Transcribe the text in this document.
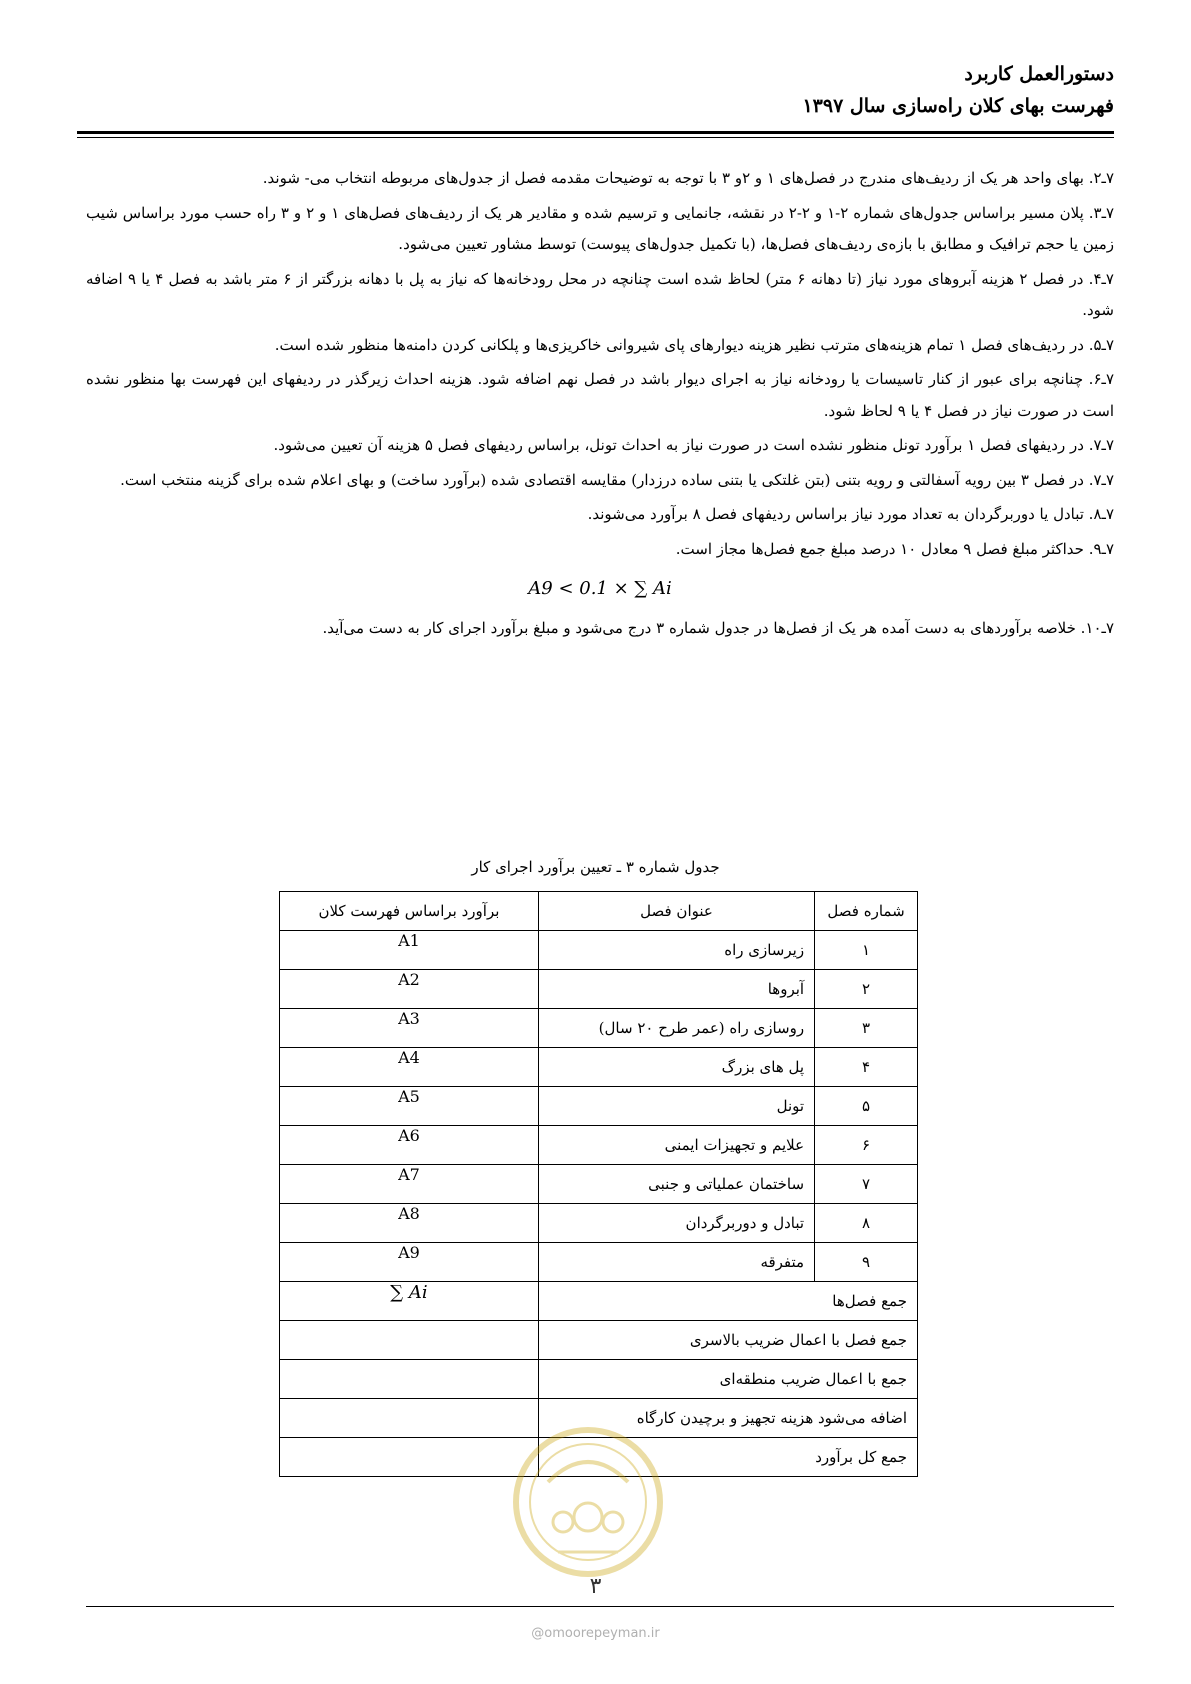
دستورالعمل کاربرد
فهرست بهای کلان راه‌سازی سال ۱۳۹۷

۷ـ۲. بهای واحد هر یک از ردیف‌های مندرج در فصل‌های ۱ و ۲و ۳ با توجه به توضیحات مقدمه فصل از جدول‌های مربوطه انتخاب می- شوند.

۷ـ۳. پلان مسیر براساس جدول‌های شماره ۲-۱ و ۲-۲ در نقشه، جانمایی و ترسیم شده و مقادیر هر یک از ردیف‌های فصل‌های ۱ و ۲ و ۳ راه حسب مورد براساس شیب زمین یا حجم ترافیک و مطابق با بازه‌ی ردیف‌های فصل‌ها، (با تکمیل جدول‌های پیوست) توسط مشاور تعیین می‌شود.

۷ـ۴. در فصل ۲ هزینه آبروهای مورد نیاز (تا دهانه ۶ متر) لحاظ شده است چنانچه در محل رودخانه‌ها که نیاز به پل با دهانه بزرگتر از ۶ متر باشد به فصل ۴ یا ۹ اضافه شود.

۷ـ۵. در ردیف‌های فصل ۱ تمام هزینه‌های مترتب نظیر هزینه دیوارهای پای شیروانی خاکریزی‌ها و پلکانی کردن دامنه‌ها منظور شده است.

۷ـ۶. چنانچه برای عبور از کنار تاسیسات یا رودخانه نیاز به اجرای دیوار باشد در فصل نهم اضافه شود. هزینه احداث زیرگذر در ردیفهای این فهرست بها منظور نشده است در صورت نیاز در فصل ۴ یا ۹ لحاظ شود.

۷ـ۷. در ردیفهای فصل ۱ برآورد تونل منظور نشده است در صورت نیاز به احداث تونل، براساس ردیفهای فصل ۵ هزینه آن تعیین می‌شود.

۷ـ۷. در فصل ۳ بین رویه آسفالتی و رویه بتنی (بتن غلتکی یا بتنی ساده درزدار) مقایسه اقتصادی شده (برآورد ساخت) و بهای اعلام شده برای گزینه منتخب است.

۷ـ۸. تبادل یا دوربرگردان به تعداد مورد نیاز براساس ردیفهای فصل ۸ برآورد می‌شوند.

۷ـ۹. حداکثر مبلغ فصل ۹ معادل ۱۰ درصد مبلغ جمع فصل‌ها مجاز است.

A9 < 0.1 × ∑ Ai

۷ـ۱۰. خلاصه برآوردهای به دست آمده هر یک از فصل‌ها در جدول شماره ۳ درج می‌شود و مبلغ برآورد اجرای کار به دست می‌آید.

جدول شماره ۳ ـ تعیین برآورد اجرای کار
شماره فصل	عنوان فصل	برآورد براساس فهرست کلان
۱	زیرسازی راه	A1
۲	آبروها	A2
۳	روسازی راه (عمر طرح ۲۰ سال)	A3
۴	پل های بزرگ	A4
۵	تونل	A5
۶	علایم و تجهیزات ایمنی	A6
۷	ساختمان عملیاتی و جنبی	A7
۸	تبادل و دوربرگردان	A8
۹	متفرقه	A9
جمع فصل‌ها		∑ Ai
جمع فصل با اعمال ضریب بالاسری		
جمع با اعمال ضریب منطقه‌ای		
اضافه می‌شود هزینه تجهیز و برچیدن کارگاه		
جمع کل برآورد		
۳
@omoorepeyman.ir
